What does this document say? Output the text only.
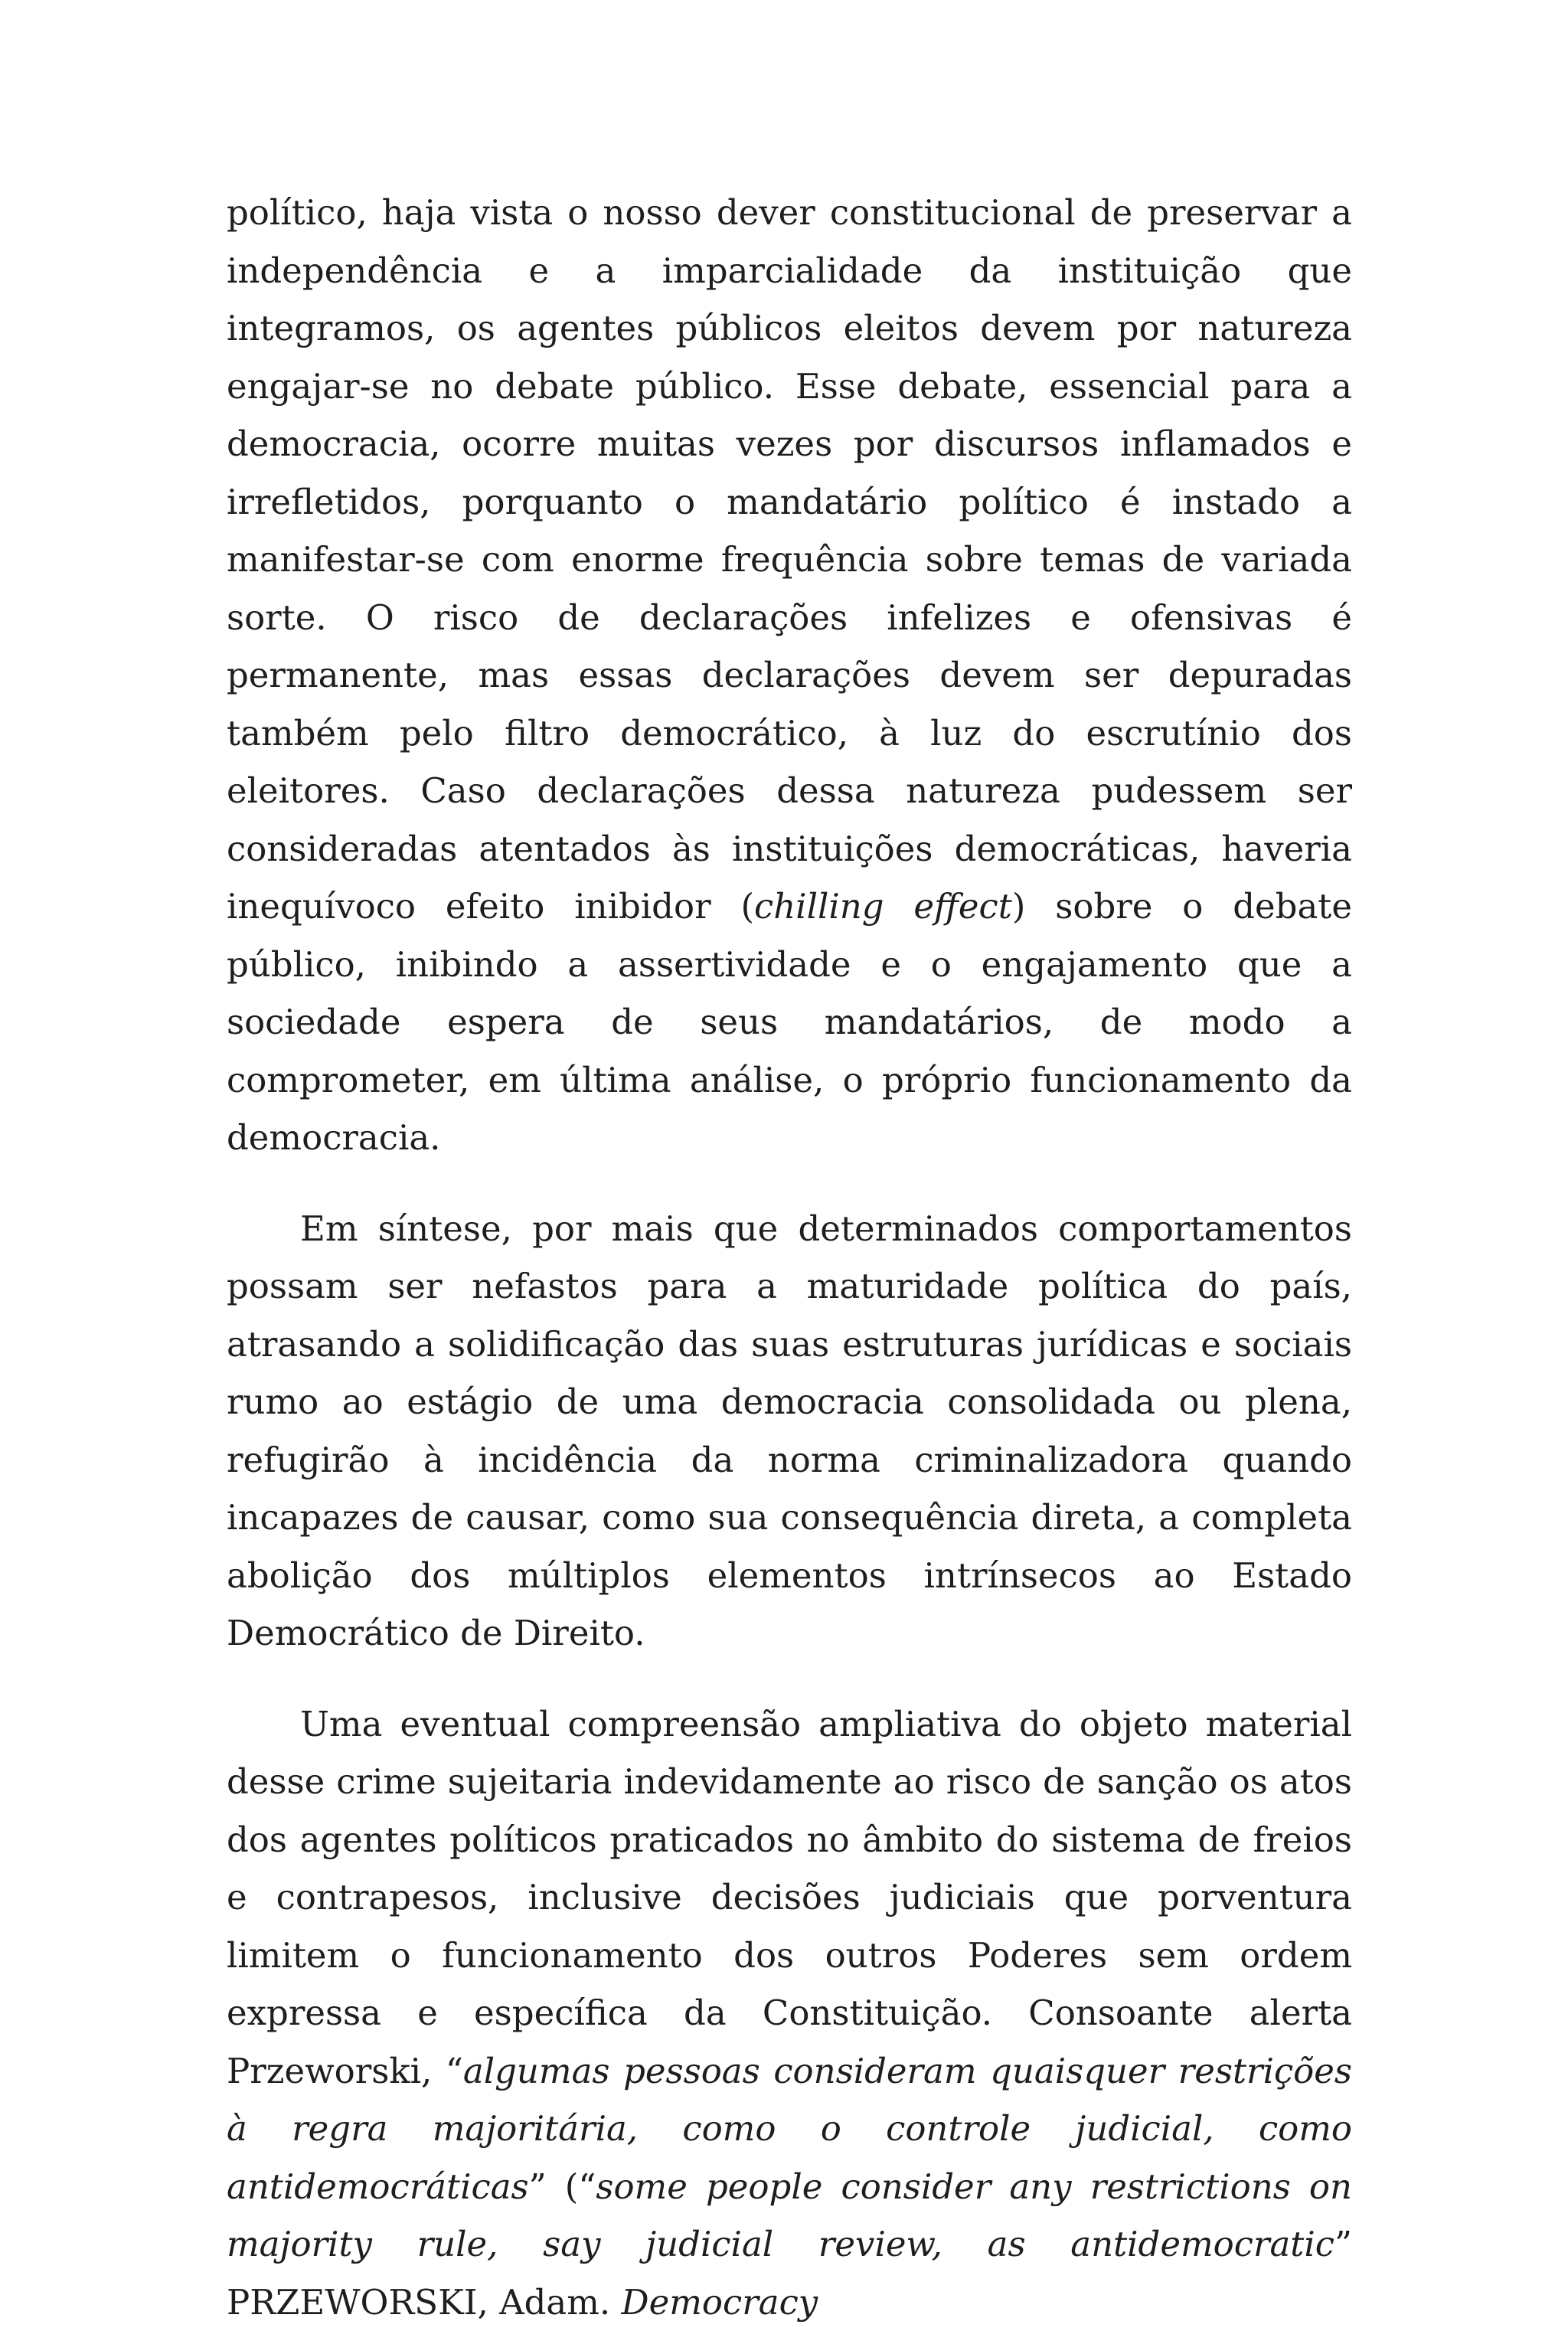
político, haja vista o nosso dever constitucional de preservar a independência e a imparcialidade da instituição que integramos, os agentes públicos eleitos devem por natureza engajar-se no debate público. Esse debate, essencial para a democracia, ocorre muitas vezes por discursos inflamados e irrefletidos, porquanto o mandatário político é instado a manifestar-se com enorme frequência sobre temas de variada sorte. O risco de declarações infelizes e ofensivas é permanente, mas essas declarações devem ser depuradas também pelo filtro democrático, à luz do escrutínio dos eleitores. Caso declarações dessa natureza pudessem ser consideradas atentados às instituições democráticas, haveria inequívoco efeito inibidor (chilling effect) sobre o debate público, inibindo a assertividade e o engajamento que a sociedade espera de seus mandatários, de modo a comprometer, em última análise, o próprio funcionamento da democracia.

Em síntese, por mais que determinados comportamentos possam ser nefastos para a maturidade política do país, atrasando a solidificação das suas estruturas jurídicas e sociais rumo ao estágio de uma democracia consolidada ou plena, refugirão à incidência da norma criminalizadora quando incapazes de causar, como sua consequência direta, a completa abolição dos múltiplos elementos intrínsecos ao Estado Democrático de Direito.

Uma eventual compreensão ampliativa do objeto material desse crime sujeitaria indevidamente ao risco de sanção os atos dos agentes políticos praticados no âmbito do sistema de freios e contrapesos, inclusive decisões judiciais que porventura limitem o funcionamento dos outros Poderes sem ordem expressa e específica da Constituição. Consoante alerta Przeworski, “algumas pessoas consideram quaisquer restrições à regra majoritária, como o controle judicial, como antidemocráticas” (“some people consider any restrictions on majority rule, say judicial review, as antidemocratic” PRZEWORSKI, Adam. Democracy
